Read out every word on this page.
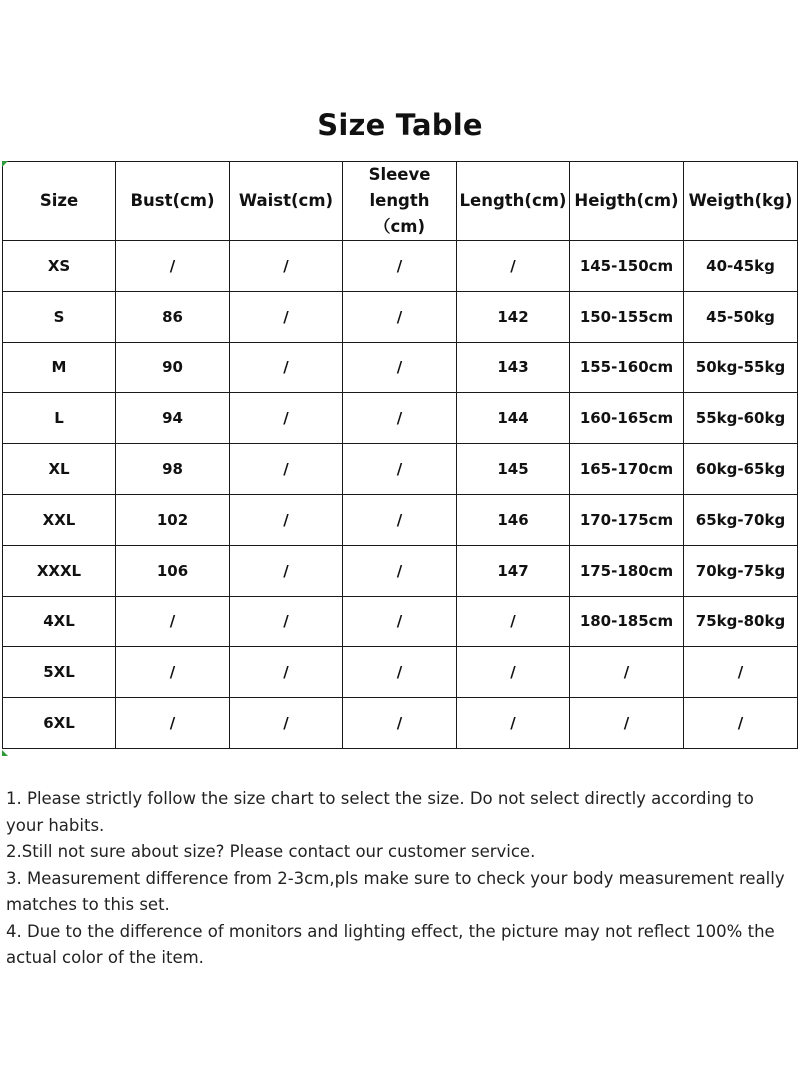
Size Table
Size	Bust(cm)	Waist(cm)	Sleeve
length
（cm)	Length(cm)	Heigth(cm)	Weigth(kg)
XS	/	/	/	/	145-150cm	40-45kg
S	86	/	/	142	150-155cm	45-50kg
M	90	/	/	143	155-160cm	50kg-55kg
L	94	/	/	144	160-165cm	55kg-60kg
XL	98	/	/	145	165-170cm	60kg-65kg
XXL	102	/	/	146	170-175cm	65kg-70kg
XXXL	106	/	/	147	175-180cm	70kg-75kg
4XL	/	/	/	/	180-185cm	75kg-80kg
5XL	/	/	/	/	/	/
6XL	/	/	/	/	/	/

1. Please strictly follow the size chart to select the size. Do not select directly according to your habits.

2.Still not sure about size? Please contact our customer service.

3. Measurement difference from 2-3cm,pls make sure to check your body measurement really matches to this set.

4. Due to the difference of monitors and lighting effect, the picture may not reflect 100% the actual color of the item.
